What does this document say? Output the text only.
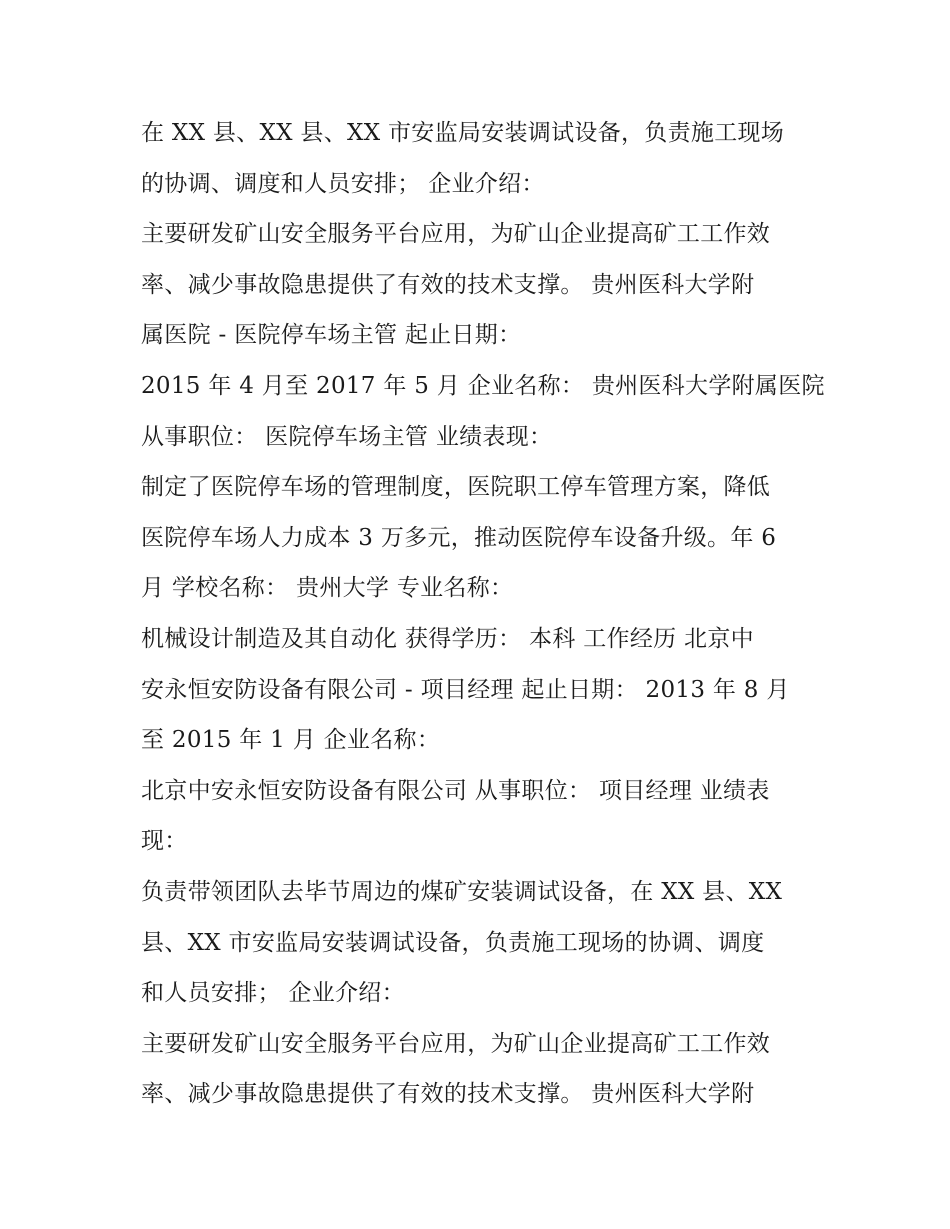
在 XX 县、XX 县、XX 市安监局安装调试设备，负责施工现场
的协调、调度和人员安排； 企业介绍：
主要研发矿山安全服务平台应用，为矿山企业提高矿工工作效
率、减少事故隐患提供了有效的技术支撑。 贵州医科大学附
属医院 - 医院停车场主管 起止日期：
2015 年 4 月至 2017 年 5 月 企业名称： 贵州医科大学附属医院
从事职位： 医院停车场主管 业绩表现：
制定了医院停车场的管理制度，医院职工停车管理方案，降低
医院停车场人力成本 3 万多元，推动医院停车设备升级。年 6
月 学校名称： 贵州大学 专业名称：
机械设计制造及其自动化 获得学历： 本科 工作经历 北京中
安永恒安防设备有限公司 - 项目经理 起止日期： 2013 年 8 月
至 2015 年 1 月 企业名称：
北京中安永恒安防设备有限公司 从事职位： 项目经理 业绩表
现：
负责带领团队去毕节周边的煤矿安装调试设备，在 XX 县、XX
县、XX 市安监局安装调试设备，负责施工现场的协调、调度
和人员安排； 企业介绍：
主要研发矿山安全服务平台应用，为矿山企业提高矿工工作效
率、减少事故隐患提供了有效的技术支撑。 贵州医科大学附
